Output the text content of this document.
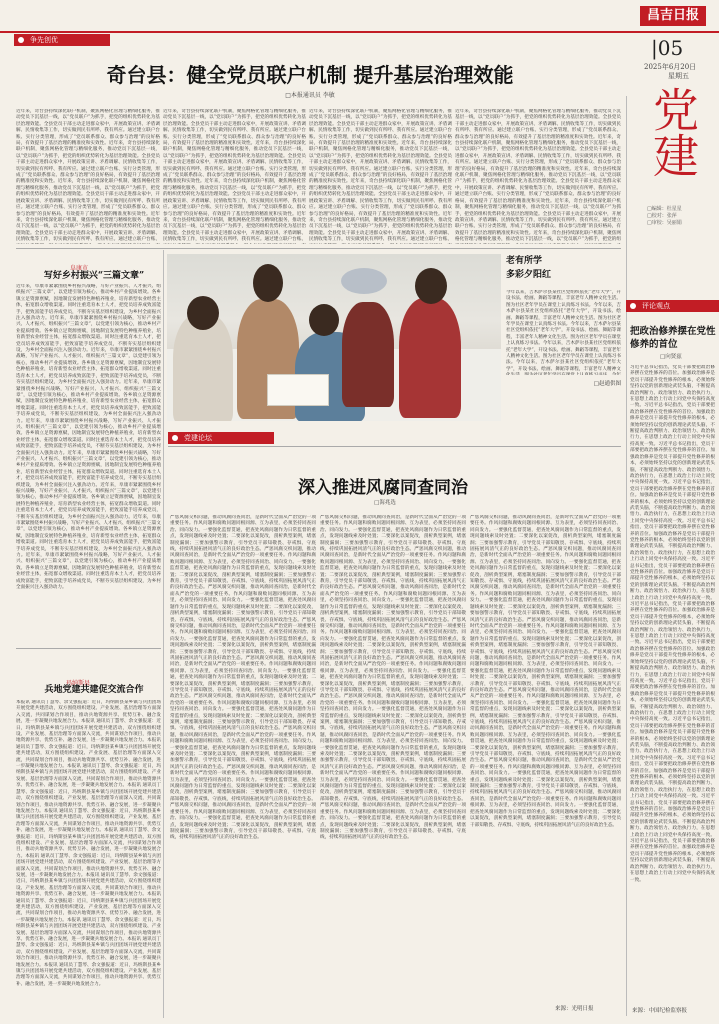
昌吉日报
|05
2025年6月20日
星期五
争先创优
奇台县：健全党员联户机制 提升基层治理效能
□本报通讯员 李敏
近年来，奇台县持续深化联户机制，聚焦网格化管理与精细化服务，推动党员下沉基层一线，以“党员联户”为抓手，把党的组织优势转化为基层治理效能。全县党员干部主动走进群众家中，开展政策宣讲、矛盾调解、民情收集等工作，切实做到民有所呼、我有所应。通过建立联户台账、实行分类管理，形成了“党员联系群众、群众参与治理”的良好格局，有效提升了基层治理的精准度和实效性。近年来，奇台县持续深化联户机制，聚焦网格化管理与精细化服务，推动党员下沉基层一线，以“党员联户”为抓手，把党的组织优势转化为基层治理效能。全县党员干部主动走进群众家中，开展政策宣讲、矛盾调解、民情收集等工作，切实做到民有所呼、我有所应。通过建立联户台账、实行分类管理，形成了“党员联系群众、群众参与治理”的良好格局，有效提升了基层治理的精准度和实效性。近年来，奇台县持续深化联户机制，聚焦网格化管理与精细化服务，推动党员下沉基层一线，以“党员联户”为抓手，把党的组织优势转化为基层治理效能。全县党员干部主动走进群众家中，开展政策宣讲、矛盾调解、民情收集等工作，切实做到民有所呼、我有所应。通过建立联户台账、实行分类管理，形成了“党员联系群众、群众参与治理”的良好格局，有效提升了基层治理的精准度和实效性。近年来，奇台县持续深化联户机制，聚焦网格化管理与精细化服务，推动党员下沉基层一线，以“党员联户”为抓手，把党的组织优势转化为基层治理效能。全县党员干部主动走进群众家中，开展政策宣讲、矛盾调解、民情收集等工作，切实做到民有所呼、我有所应。通过建立联户台账、
近年来，奇台县持续深化联户机制，聚焦网格化管理与精细化服务，推动党员下沉基层一线，以“党员联户”为抓手，把党的组织优势转化为基层治理效能。全县党员干部主动走进群众家中，开展政策宣讲、矛盾调解、民情收集等工作，切实做到民有所呼、我有所应。通过建立联户台账、实行分类管理，形成了“党员联系群众、群众参与治理”的良好格局，有效提升了基层治理的精准度和实效性。近年来，奇台县持续深化联户机制，聚焦网格化管理与精细化服务，推动党员下沉基层一线，以“党员联户”为抓手，把党的组织优势转化为基层治理效能。全县党员干部主动走进群众家中，开展政策宣讲、矛盾调解、民情收集等工作，切实做到民有所呼、我有所应。通过建立联户台账、实行分类管理，形成了“党员联系群众、群众参与治理”的良好格局，有效提升了基层治理的精准度和实效性。近年来，奇台县持续深化联户机制，聚焦网格化管理与精细化服务，推动党员下沉基层一线，以“党员联户”为抓手，把党的组织优势转化为基层治理效能。全县党员干部主动走进群众家中，开展政策宣讲、矛盾调解、民情收集等工作，切实做到民有所呼、我有所应。通过建立联户台账、实行分类管理，形成了“党员联系群众、群众参与治理”的良好格局，有效提升了基层治理的精准度和实效性。近年来，奇台县持续深化联户机制，聚焦网格化管理与精细化服务，推动党员下沉基层一线，以“党员联户”为抓手，把党的组织优势转化为基层治理效能。全县党员干部主动走进群众家中，开展政策宣讲、矛盾调解、民情收集等工作，切实做到民有所呼、我有所应。通过建立联户台账、
近年来，奇台县持续深化联户机制，聚焦网格化管理与精细化服务，推动党员下沉基层一线，以“党员联户”为抓手，把党的组织优势转化为基层治理效能。全县党员干部主动走进群众家中，开展政策宣讲、矛盾调解、民情收集等工作，切实做到民有所呼、我有所应。通过建立联户台账、实行分类管理，形成了“党员联系群众、群众参与治理”的良好格局，有效提升了基层治理的精准度和实效性。近年来，奇台县持续深化联户机制，聚焦网格化管理与精细化服务，推动党员下沉基层一线，以“党员联户”为抓手，把党的组织优势转化为基层治理效能。全县党员干部主动走进群众家中，开展政策宣讲、矛盾调解、民情收集等工作，切实做到民有所呼、我有所应。通过建立联户台账、实行分类管理，形成了“党员联系群众、群众参与治理”的良好格局，有效提升了基层治理的精准度和实效性。近年来，奇台县持续深化联户机制，聚焦网格化管理与精细化服务，推动党员下沉基层一线，以“党员联户”为抓手，把党的组织优势转化为基层治理效能。全县党员干部主动走进群众家中，开展政策宣讲、矛盾调解、民情收集等工作，切实做到民有所呼、我有所应。通过建立联户台账、实行分类管理，形成了“党员联系群众、群众参与治理”的良好格局，有效提升了基层治理的精准度和实效性。近年来，奇台县持续深化联户机制，聚焦网格化管理与精细化服务，推动党员下沉基层一线，以“党员联户”为抓手，把党的组织优势转化为基层治理效能。全县党员干部主动走进群众家中，开展政策宣讲、矛盾调解、民情收集等工作，切实做到民有所呼、我有所应。通过建立联户台账、
近年来，奇台县持续深化联户机制，聚焦网格化管理与精细化服务，推动党员下沉基层一线，以“党员联户”为抓手，把党的组织优势转化为基层治理效能。全县党员干部主动走进群众家中，开展政策宣讲、矛盾调解、民情收集等工作，切实做到民有所呼、我有所应。通过建立联户台账、实行分类管理，形成了“党员联系群众、群众参与治理”的良好格局，有效提升了基层治理的精准度和实效性。近年来，奇台县持续深化联户机制，聚焦网格化管理与精细化服务，推动党员下沉基层一线，以“党员联户”为抓手，把党的组织优势转化为基层治理效能。全县党员干部主动走进群众家中，开展政策宣讲、矛盾调解、民情收集等工作，切实做到民有所呼、我有所应。通过建立联户台账、实行分类管理，形成了“党员联系群众、群众参与治理”的良好格局，有效提升了基层治理的精准度和实效性。近年来，奇台县持续深化联户机制，聚焦网格化管理与精细化服务，推动党员下沉基层一线，以“党员联户”为抓手，把党的组织优势转化为基层治理效能。全县党员干部主动走进群众家中，开展政策宣讲、矛盾调解、民情收集等工作，切实做到民有所呼、我有所应。通过建立联户台账、实行分类管理，形成了“党员联系群众、群众参与治理”的良好格局，有效提升了基层治理的精准度和实效性。近年来，奇台县持续深化联户机制，聚焦网格化管理与精细化服务，推动党员下沉基层一线，以“党员联户”为抓手，把党的组织优势转化为基层治理效能。全县党员干部主动走进群众家中，开展政策宣讲、矛盾调解、民情收集等工作，切实做到民有所呼、我有所应。通过建立联户台账、实行分类管理，形成了“党员联系群众、群众参与治理”的良好格局，有效提升了基层治理的精准度和实效性。近年来，奇台县持续深化联户机制，聚焦网格化管理与精细化服务，推动党员下沉基层一线，以“党员联户”为抓手，把党的组
党建
□编辑：杜星星
□校对：张萍
□审校：吴丽娟
阜康市
写好乡村振兴“三篇文章”
近年来，阜康市紧紧围绕乡村振兴战略，写好产业振兴、人才振兴、组织振兴“三篇文章”，以党建引领为核心，推动乡村产业提质增效。各乡镇立足资源禀赋，因地制宜发展特色种植养殖业，培育新型农业经营主体，拓宽群众增收渠道。同时注重选育本土人才，把党员培养成致富能手，把致富能手培养成党员，不断夯实基层组织建设，为乡村全面振兴注入强劲动力。近年来，阜康市紧紧围绕乡村振兴战略，写好产业振兴、人才振兴、组织振兴“三篇文章”，以党建引领为核心，推动乡村产业提质增效。各乡镇立足资源禀赋，因地制宜发展特色种植养殖业，培育新型农业经营主体，拓宽群众增收渠道。同时注重选育本土人才，把党员培养成致富能手，把致富能手培养成党员，不断夯实基层组织建设，为乡村全面振兴注入强劲动力。近年来，阜康市紧紧围绕乡村振兴战略，写好产业振兴、人才振兴、组织振兴“三篇文章”，以党建引领为核心，推动乡村产业提质增效。各乡镇立足资源禀赋，因地制宜发展特色种植养殖业，培育新型农业经营主体，拓宽群众增收渠道。同时注重选育本土人才，把党员培养成致富能手，把致富能手培养成党员，不断夯实基层组织建设，为乡村全面振兴注入强劲动力。近年来，阜康市紧紧围绕乡村振兴战略，写好产业振兴、人才振兴、组织振兴“三篇文章”，以党建引领为核心，推动乡村产业提质增效。各乡镇立足资源禀赋，因地制宜发展特色种植养殖业，培育新型农业经营主体，拓宽群众增收渠道。同时注重选育本土人才，把党员培养成致富能手，把致富能手培养成党员，不断夯实基层组织建设，为乡村全面振兴注入强劲动力。近年来，阜康市紧紧围绕乡村振兴战略，写好产业振兴、人才振兴、组织振兴“三篇文章”，以党建引领为核心，推动乡村产业提质增效。各乡镇立足资源禀赋，因地制宜发展特色种植养殖业，培育新型农业经营主体，拓宽群众增收渠道。同时注重选育本土人才，把党员培养成致富能手，把致富能手培养成党员，不断夯实基层组织建设，为乡村全面振兴注入强劲动力。近年来，阜康市紧紧围绕乡村振兴战略，写好产业振兴、人才振兴、组织振兴“三篇文章”，以党建引领为核心，推动乡村产业提质增效。各乡镇立足资源禀赋，因地制宜发展特色种植养殖业，培育新型农业经营主体，拓宽群众增收渠道。同时注重选育本土人才，把党员培养成致富能手，把致富能手培养成党员，不断夯实基层组织建设，为乡村全面振兴注入强劲动力。近年来，阜康市紧紧围绕乡村振兴战略，写好产业振兴、人才振兴、组织振兴“三篇文章”，以党建引领为核心，推动乡村产业提质增效。各乡镇立足资源禀赋，因地制宜发展特色种植养殖业，培育新型农业经营主体，拓宽群众增收渠道。同时注重选育本土人才，把党员培养成致富能手，把致富能手培养成党员，不断夯实基层组织建设，为乡村全面振兴注入强劲动力。近年来，阜康市紧紧围绕乡村振兴战略，写好产业振兴、人才振兴、组织振兴“三篇文章”，以党建引领为核心，推动乡村产业提质增效。各乡镇立足资源禀赋，因地制宜发展特色种植养殖业，培育新型农业经营主体，拓宽群众增收渠道。同时注重选育本土人才，把党员培养成致富能手，把致富能手培养成党员，不断夯实基层组织建设，为乡村全面振兴注入强劲动力。近年来，阜康市紧紧围绕乡村振兴战略，写好产业振兴、人才振兴、组织振兴“三篇文章”，以党建引领为核心，推动乡村产业提质增效。各乡镇立足资源禀赋，因地制宜发展特色种植养殖业，培育新型农业经营主体，拓宽群众增收渠道。同时注重选育本土人才，把党员培养成致富能手，把致富能手培养成党员，不断夯实基层组织建设，为乡村全面振兴注入强劲动力。
玛纳斯县
兵地党建共建促交流合作
本报讯 通讯员丁慧琴、余文强报道：近日，玛纳斯县某乡镇与兵团团场开展党建共建活动，双方围绕组织建设、产业发展、基层治理等方面深入交流，共同谋划合作项目，推动兵地资源共享、优势互补、融合发展，进一步凝聚兵地发展合力。本报讯 通讯员丁慧琴、余文强报道：近日，玛纳斯县某乡镇与兵团团场开展党建共建活动，双方围绕组织建设、产业发展、基层治理等方面深入交流，共同谋划合作项目，推动兵地资源共享、优势互补、融合发展，进一步凝聚兵地发展合力。本报讯 通讯员丁慧琴、余文强报道：近日，玛纳斯县某乡镇与兵团团场开展党建共建活动，双方围绕组织建设、产业发展、基层治理等方面深入交流，共同谋划合作项目，推动兵地资源共享、优势互补、融合发展，进一步凝聚兵地发展合力。本报讯 通讯员丁慧琴、余文强报道：近日，玛纳斯县某乡镇与兵团团场开展党建共建活动，双方围绕组织建设、产业发展、基层治理等方面深入交流，共同谋划合作项目，推动兵地资源共享、优势互补、融合发展，进一步凝聚兵地发展合力。本报讯 通讯员丁慧琴、余文强报道：近日，玛纳斯县某乡镇与兵团团场开展党建共建活动，双方围绕组织建设、产业发展、基层治理等方面深入交流，共同谋划合作项目，推动兵地资源共享、优势互补、融合发展，进一步凝聚兵地发展合力。本报讯 通讯员丁慧琴、余文强报道：近日，玛纳斯县某乡镇与兵团团场开展党建共建活动，双方围绕组织建设、产业发展、基层治理等方面深入交流，共同谋划合作项目，推动兵地资源共享、优势互补、融合发展，进一步凝聚兵地发展合力。本报讯 通讯员丁慧琴、余文强报道：近日，玛纳斯县某乡镇与兵团团场开展党建共建活动，双方围绕组织建设、产业发展、基层治理等方面深入交流，共同谋划合作项目，推动兵地资源共享、优势互补、融合发展，进一步凝聚兵地发展合力。本报讯 通讯员丁慧琴、余文强报道：近日，玛纳斯县某乡镇与兵团团场开展党建共建活动，双方围绕组织建设、产业发展、基层治理等方面深入交流，共同谋划合作项目，推动兵地资源共享、优势互补、融合发展，进一步凝聚兵地发展合力。本报讯 通讯员丁慧琴、余文强报道：近日，玛纳斯县某乡镇与兵团团场开展党建共建活动，双方围绕组织建设、产业发展、基层治理等方面深入交流，共同谋划合作项目，推动兵地资源共享、优势互补、融合发展，进一步凝聚兵地发展合力。本报讯 通讯员丁慧琴、余文强报道：近日，玛纳斯县某乡镇与兵团团场开展党建共建活动，双方围绕组织建设、产业发展、基层治理等方面深入交流，共同谋划合作项目，推动兵地资源共享、优势互补、融合发展，进一步凝聚兵地发展合力。本报讯 通讯员丁慧琴、余文强报道：近日，玛纳斯县某乡镇与兵团团场开展党建共建活动，双方围绕组织建设、产业发展、基层治理等方面深入交流，共同谋划合作项目，推动兵地资源共享、优势互补、融合发展，进一步凝聚兵地发展合力。本报讯 通讯员丁慧琴、余文强报道：近日，玛纳斯县某乡镇与兵团团场开展党建共建活动，双方围绕组织建设、产业发展、基层治理等方面深入交流，共同谋划合作项目，推动兵地资源共享、优势互补、融合发展，进一步凝聚兵地发展合力。本报讯 通讯员丁慧琴、余文强报道：近日，玛纳斯县某乡镇与兵团团场开展党建共建活动，双方围绕组织建设、产业发展、基层治理等方面深入交流，共同谋划合作项目，推动兵地资源共享、优势互补、融合发展，进一步凝聚兵地发展合力。
老有所学
多彩夕阳红
今年以来，吉木萨尔县某社区党组织依托“老年大学”，开设书法、绘画、舞蹈等课程，丰富老年人精神文化生活。图为社区老年学员在课堂上认真练习书法。今年以来，吉木萨尔县某社区党组织依托“老年大学”，开设书法、绘画、舞蹈等课程，丰富老年人精神文化生活。图为社区老年学员在课堂上认真练习书法。今年以来，吉木萨尔县某社区党组织依托“老年大学”，开设书法、绘画、舞蹈等课程，丰富老年人精神文化生活。图为社区老年学员在课堂上认真练习书法。今年以来，吉木萨尔县某社区党组织依托“老年大学”，开设书法、绘画、舞蹈等课程，丰富老年人精神文化生活。图为社区老年学员在课堂上认真练习书法。今年以来，吉木萨尔县某社区党组织依托“老年大学”，开设书法、绘画、舞蹈等课程，丰富老年人精神文
□赵通供图
评论观点
把政治修养摆在党性修养的首位
□向贤兹
习近平总书记指出，党员干部要把政治修养摆在党性修养的首位。加强政治修养是党员干部提升党性修养的根本，必须始终坚持以党的创新理论武装头脑，不断提高政治判断力、政治领悟力、政治执行力，在思想上政治上行动上同党中央保持高度一致。习近平总书记指出，党员干部要把政治修养摆在党性修养的首位。加强政治修养是党员干部提升党性修养的根本，必须始终坚持以党的创新理论武装头脑，不断提高政治判断力、政治领悟力、政治执行力，在思想上政治上行动上同党中央保持高度一致。习近平总书记指出，党员干部要把政治修养摆在党性修养的首位。加强政治修养是党员干部提升党性修养的根本，必须始终坚持以党的创新理论武装头脑，不断提高政治判断力、政治领悟力、政治执行力，在思想上政治上行动上同党中央保持高度一致。习近平总书记指出，党员干部要把政治修养摆在党性修养的首位。加强政治修养是党员干部提升党性修养的根本，必须始终坚持以党的创新理论武装头脑，不断提高政治判断力、政治领悟力、政治执行力，在思想上政治上行动上同党中央保持高度一致。习近平总书记指出，党员干部要把政治修养摆在党性修养的首位。加强政治修养是党员干部提升党性修养的根本，必须始终坚持以党的创新理论武装头脑，不断提高政治判断力、政治领悟力、政治执行力，在思想上政治上行动上同党中央保持高度一致。习近平总书记指出，党员干部要把政治修养摆在党性修养的首位。加强政治修养是党员干部提升党性修养的根本，必须始终坚持以党的创新理论武装头脑，不断提高政治判断力、政治领悟力、政治执行力，在思想上政治上行动上同党中央保持高度一致。习近平总书记指出，党员干部要把政治修养摆在党性修养的首位。加强政治修养是党员干部提升党性修养的根本，必须始终坚持以党的创新理论武装头脑，不断提高政治判断力、政治领悟力、政治执行力，在思想上政治上行动上同党中央保持高度一致。习近平总书记指出，党员干部要把政治修养摆在党性修养的首位。加强政治修养是党员干部提升党性修养的根本，必须始终坚持以党的创新理论武装头脑，不断提高政治判断力、政治领悟力、政治执行力，在思想上政治上行动上同党中央保持高度一致。习近平总书记指出，党员干部要把政治修养摆在党性修养的首位。加强政治修养是党员干部提升党性修养的根本，必须始终坚持以党的创新理论武装头脑，不断提高政治判断力、政治领悟力、政治执行力，在思想上政治上行动上同党中央保持高度一致。习近平总书记指出，党员干部要把政治修养摆在党性修养的首位。加强政治修养是党员干部提升党性修养的根本，必须始终坚持以党的创新理论武装头脑，不断提高政治判断力、政治领悟力、政治执行力，在思想上政治上行动上同党中央保持高度一致。习近平总书记指出，党员干部要把政治修养摆在党性修养的首位。加强政治修养是党员干部提升党性修养的根本，必须始终坚持以党的创新理论武装头脑，不断提高政治判断力、政治领悟力、政治执行力，在思想上政治上行动上同党中央保持高度一致。习近平总书记指出，党员干部要把政治修养摆在党性修养的首位。加强政治修养是党员干部提升党性修养的根本，必须始终坚持以党的创新理论武装头脑，不断提高政治判断力、政治领悟力、政治执行力，在思想上政治上行动上同党中央保持高度一致。习近平总书记指出，党员干部要把政治修养摆在党性修养的首位。加强政治修养是党员干部提升党性修养的根本，必须始终坚持以党的创新理论武装头脑，不断提高政治判断力、政治领悟力、政治执行力，在思想上政治上行动上同党中央保持高度一致。
来源：中国纪检监察报
党建论坛
深入推进风腐同查同治
□海兆选
严惩风腐交织问题，推动风腐同查同治，是新时代全面从严治党的一项重要任务。作风问题和腐败问题同根同源、互为表里，必须坚持同查同治、同向发力。一要强化监督贯通，把查处风腐问题作为日常监督的重点，发现问题线索及时处置；二要深化以案促改，剖析典型案例，堵塞制度漏洞；三要加强警示教育，引导党员干部知敬畏、存戒惧、守底线，持续巩固拓展风清气正的良好政治生态。严惩风腐交织问题，推动风腐同查同治，是新时代全面从严治党的一项重要任务。作风问题和腐败问题同根同源、互为表里，必须坚持同查同治、同向发力。一要强化监督贯通，把查处风腐问题作为日常监督的重点，发现问题线索及时处置；二要深化以案促改，剖析典型案例，堵塞制度漏洞；三要加强警示教育，引导党员干部知敬畏、存戒惧、守底线，持续巩固拓展风清气正的良好政治生态。严惩风腐交织问题，推动风腐同查同治，是新时代全面从严治党的一项重要任务。作风问题和腐败问题同根同源、互为表里，必须坚持同查同治、同向发力。一要强化监督贯通，把查处风腐问题作为日常监督的重点，发现问题线索及时处置；二要深化以案促改，剖析典型案例，堵塞制度漏洞；三要加强警示教育，引导党员干部知敬畏、存戒惧、守底线，持续巩固拓展风清气正的良好政治生态。严惩风腐交织问题，推动风腐同查同治，是新时代全面从严治党的一项重要任务。作风问题和腐败问题同根同源、互为表里，必须坚持同查同治、同向发力。一要强化监督贯通，把查处风腐问题作为日常监督的重点，发现问题线索及时处置；二要深化以案促改，剖析典型案例，堵塞制度漏洞；三要加强警示教育，引导党员干部知敬畏、存戒惧、守底线，持续巩固拓展风清气正的良好政治生态。严惩风腐交织问题，推动风腐同查同治，是新时代全面从严治党的一项重要任务。作风问题和腐败问题同根同源、互为表里，必须坚持同查同治、同向发力。一要强化监督贯通，把查处风腐问题作为日常监督的重点，发现问题线索及时处置；二要深化以案促改，剖析典型案例，堵塞制度漏洞；三要加强警示教育，引导党员干部知敬畏、存戒惧、守底线，持续巩固拓展风清气正的良好政治生态。严惩风腐交织问题，推动风腐同查同治，是新时代全面从严治党的一项重要任务。作风问题和腐败问题同根同源、互为表里，必须坚持同查同治、同向发力。一要强化监督贯通，把查处风腐问题作为日常监督的重点，发现问题线索及时处置；二要深化以案促改，剖析典型案例，堵塞制度漏洞；三要加强警示教育，引导党员干部知敬畏、存戒惧、守底线，持续巩固拓展风清气正的良好政治生态。严惩风腐交织问题，推动风腐同查同治，是新时代全面从严治党的一项重要任务。作风问题和腐败问题同根同源、互为表里，必须坚持同查同治、同向发力。一要强化监督贯通，把查处风腐问题作为日常监督的重点，发现问题线索及时处置；二要深化以案促改，剖析典型案例，堵塞制度漏洞；三要加强警示教育，引导党员干部知敬畏、存戒惧、守底线，持续巩固拓展风清气正的良好政治生态。严惩风腐交织问题，推动风腐同查同治，是新时代全面从严治党的一项重要任务。作风问题和腐败问题同根同源、互为表里，必须坚持同查同治、同向发力。一要强化监督贯通，把查处风腐问题作为日常监督的重点，发现问题线索及时处置；二要深化以案促改，剖析典型案例，堵塞制度漏洞；三要加强警示教育，引导党员干部知敬畏、存戒惧、守底线，持续巩固拓展风清气正的良好政治生态。严惩风腐交织问题，推动风腐同查同治，是新时代全面从严治党的一项重要任务。作风问题和腐败问题同根同源、互为表里，必须坚持同查同治、同向发力。一要强化监督贯通，把查处风腐问题作为日常监督的重点，发现问题线索及时处置；二要深化以案促改，剖析典型案例，堵塞制度漏洞；三要加强警示教育，引导党员干部知敬畏、存戒惧、守底线，持续巩固拓展风清气正的良好政治生态。
严惩风腐交织问题，推动风腐同查同治，是新时代全面从严治党的一项重要任务。作风问题和腐败问题同根同源、互为表里，必须坚持同查同治、同向发力。一要强化监督贯通，把查处风腐问题作为日常监督的重点，发现问题线索及时处置；二要深化以案促改，剖析典型案例，堵塞制度漏洞；三要加强警示教育，引导党员干部知敬畏、存戒惧、守底线，持续巩固拓展风清气正的良好政治生态。严惩风腐交织问题，推动风腐同查同治，是新时代全面从严治党的一项重要任务。作风问题和腐败问题同根同源、互为表里，必须坚持同查同治、同向发力。一要强化监督贯通，把查处风腐问题作为日常监督的重点，发现问题线索及时处置；二要深化以案促改，剖析典型案例，堵塞制度漏洞；三要加强警示教育，引导党员干部知敬畏、存戒惧、守底线，持续巩固拓展风清气正的良好政治生态。严惩风腐交织问题，推动风腐同查同治，是新时代全面从严治党的一项重要任务。作风问题和腐败问题同根同源、互为表里，必须坚持同查同治、同向发力。一要强化监督贯通，把查处风腐问题作为日常监督的重点，发现问题线索及时处置；二要深化以案促改，剖析典型案例，堵塞制度漏洞；三要加强警示教育，引导党员干部知敬畏、存戒惧、守底线，持续巩固拓展风清气正的良好政治生态。严惩风腐交织问题，推动风腐同查同治，是新时代全面从严治党的一项重要任务。作风问题和腐败问题同根同源、互为表里，必须坚持同查同治、同向发力。一要强化监督贯通，把查处风腐问题作为日常监督的重点，发现问题线索及时处置；二要深化以案促改，剖析典型案例，堵塞制度漏洞；三要加强警示教育，引导党员干部知敬畏、存戒惧、守底线，持续巩固拓展风清气正的良好政治生态。严惩风腐交织问题，推动风腐同查同治，是新时代全面从严治党的一项重要任务。作风问题和腐败问题同根同源、互为表里，必须坚持同查同治、同向发力。一要强化监督贯通，把查处风腐问题作为日常监督的重点，发现问题线索及时处置；二要深化以案促改，剖析典型案例，堵塞制度漏洞；三要加强警示教育，引导党员干部知敬畏、存戒惧、守底线，持续巩固拓展风清气正的良好政治生态。严惩风腐交织问题，推动风腐同查同治，是新时代全面从严治党的一项重要任务。作风问题和腐败问题同根同源、互为表里，必须坚持同查同治、同向发力。一要强化监督贯通，把查处风腐问题作为日常监督的重点，发现问题线索及时处置；二要深化以案促改，剖析典型案例，堵塞制度漏洞；三要加强警示教育，引导党员干部知敬畏、存戒惧、守底线，持续巩固拓展风清气正的良好政治生态。严惩风腐交织问题，推动风腐同查同治，是新时代全面从严治党的一项重要任务。作风问题和腐败问题同根同源、互为表里，必须坚持同查同治、同向发力。一要强化监督贯通，把查处风腐问题作为日常监督的重点，发现问题线索及时处置；二要深化以案促改，剖析典型案例，堵塞制度漏洞；三要加强警示教育，引导党员干部知敬畏、存戒惧、守底线，持续巩固拓展风清气正的良好政治生态。严惩风腐交织问题，推动风腐同查同治，是新时代全面从严治党的一项重要任务。作风问题和腐败问题同根同源、互为表里，必须坚持同查同治、同向发力。一要强化监督贯通，把查处风腐问题作为日常监督的重点，发现问题线索及时处置；二要深化以案促改，剖析典型案例，堵塞制度漏洞；三要加强警示教育，引导党员干部知敬畏、存戒惧、守底线，持续巩固拓展风清气正的良好政治生态。严惩风腐交织问题，推动风腐同查同治，是新时代全面从严治党的一项重要任务。作风问题和腐败问题同根同源、互为表里，必须坚持同查同治、同向发力。一要强化监督贯通，把查处风腐问题作为日常监督的重点，发现问题线索及时处置；二要深化以案促改，剖析典型案例，堵塞制度漏洞；三要加强警示教育，引导党员干部知敬畏、存戒惧、守底线，持续巩固拓展风清气正的良好政治生态。
严惩风腐交织问题，推动风腐同查同治，是新时代全面从严治党的一项重要任务。作风问题和腐败问题同根同源、互为表里，必须坚持同查同治、同向发力。一要强化监督贯通，把查处风腐问题作为日常监督的重点，发现问题线索及时处置；二要深化以案促改，剖析典型案例，堵塞制度漏洞；三要加强警示教育，引导党员干部知敬畏、存戒惧、守底线，持续巩固拓展风清气正的良好政治生态。严惩风腐交织问题，推动风腐同查同治，是新时代全面从严治党的一项重要任务。作风问题和腐败问题同根同源、互为表里，必须坚持同查同治、同向发力。一要强化监督贯通，把查处风腐问题作为日常监督的重点，发现问题线索及时处置；二要深化以案促改，剖析典型案例，堵塞制度漏洞；三要加强警示教育，引导党员干部知敬畏、存戒惧、守底线，持续巩固拓展风清气正的良好政治生态。严惩风腐交织问题，推动风腐同查同治，是新时代全面从严治党的一项重要任务。作风问题和腐败问题同根同源、互为表里，必须坚持同查同治、同向发力。一要强化监督贯通，把查处风腐问题作为日常监督的重点，发现问题线索及时处置；二要深化以案促改，剖析典型案例，堵塞制度漏洞；三要加强警示教育，引导党员干部知敬畏、存戒惧、守底线，持续巩固拓展风清气正的良好政治生态。严惩风腐交织问题，推动风腐同查同治，是新时代全面从严治党的一项重要任务。作风问题和腐败问题同根同源、互为表里，必须坚持同查同治、同向发力。一要强化监督贯通，把查处风腐问题作为日常监督的重点，发现问题线索及时处置；二要深化以案促改，剖析典型案例，堵塞制度漏洞；三要加强警示教育，引导党员干部知敬畏、存戒惧、守底线，持续巩固拓展风清气正的良好政治生态。严惩风腐交织问题，推动风腐同查同治，是新时代全面从严治党的一项重要任务。作风问题和腐败问题同根同源、互为表里，必须坚持同查同治、同向发力。一要强化监督贯通，把查处风腐问题作为日常监督的重点，发现问题线索及时处置；二要深化以案促改，剖析典型案例，堵塞制度漏洞；三要加强警示教育，引导党员干部知敬畏、存戒惧、守底线，持续巩固拓展风清气正的良好政治生态。严惩风腐交织问题，推动风腐同查同治，是新时代全面从严治党的一项重要任务。作风问题和腐败问题同根同源、互为表里，必须坚持同查同治、同向发力。一要强化监督贯通，把查处风腐问题作为日常监督的重点，发现问题线索及时处置；二要深化以案促改，剖析典型案例，堵塞制度漏洞；三要加强警示教育，引导党员干部知敬畏、存戒惧、守底线，持续巩固拓展风清气正的良好政治生态。严惩风腐交织问题，推动风腐同查同治，是新时代全面从严治党的一项重要任务。作风问题和腐败问题同根同源、互为表里，必须坚持同查同治、同向发力。一要强化监督贯通，把查处风腐问题作为日常监督的重点，发现问题线索及时处置；二要深化以案促改，剖析典型案例，堵塞制度漏洞；三要加强警示教育，引导党员干部知敬畏、存戒惧、守底线，持续巩固拓展风清气正的良好政治生态。严惩风腐交织问题，推动风腐同查同治，是新时代全面从严治党的一项重要任务。作风问题和腐败问题同根同源、互为表里，必须坚持同查同治、同向发力。一要强化监督贯通，把查处风腐问题作为日常监督的重点，发现问题线索及时处置；二要深化以案促改，剖析典型案例，堵塞制度漏洞；三要加强警示教育，引导党员干部知敬畏、存戒惧、守底线，持续巩固拓展风清气正的良好政治生态。严惩风腐交织问题，推动风腐同查同治，是新时代全面从严治党的一项重要任务。作风问题和腐败问题同根同源、互为表里，必须坚持同查同治、同向发力。一要强化监督贯通，把查处风腐问题作为日常监督的重点，发现问题线索及时处置；二要深化以案促改，剖析典型案例，堵塞制度漏洞；三要加强警示教育，引导党员干部知敬畏、存戒惧、守底线，持续巩固拓展风清气正的良好政治生态。
来源：光明日报
